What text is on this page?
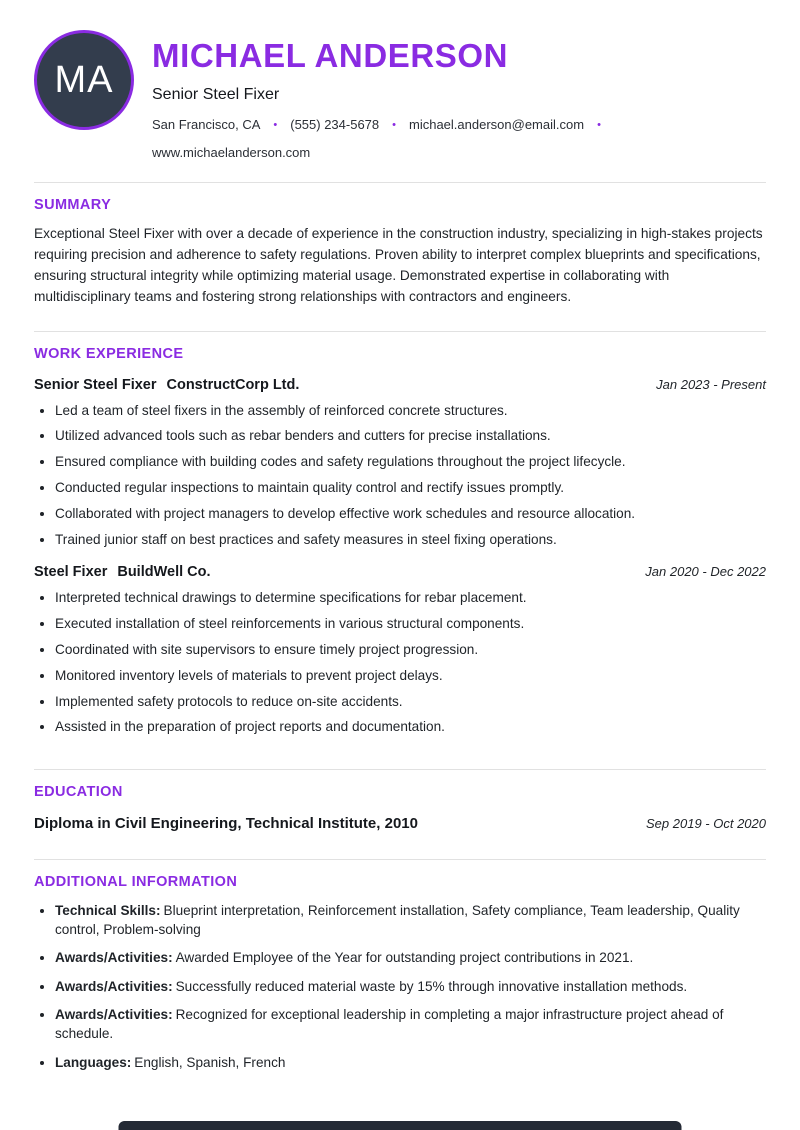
MA
MICHAEL ANDERSON
Senior Steel Fixer
San Francisco, CA • (555) 234-5678 • michael.anderson@email.com •
www.michaelanderson.com
SUMMARY

Exceptional Steel Fixer with over a decade of experience in the construction industry, specializing in high-stakes projects requiring precision and adherence to safety regulations. Proven ability to interpret complex blueprints and specifications, ensuring structural integrity while optimizing material usage. Demonstrated expertise in collaborating with multidisciplinary teams and fostering strong relationships with contractors and engineers.

WORK EXPERIENCE
Senior Steel Fixer ConstructCorp Ltd.	Jan 2023 - Present
• Led a team of steel fixers in the assembly of reinforced concrete structures.
• Utilized advanced tools such as rebar benders and cutters for precise installations.
• Ensured compliance with building codes and safety regulations throughout the project lifecycle.
• Conducted regular inspections to maintain quality control and rectify issues promptly.
• Collaborated with project managers to develop effective work schedules and resource allocation.
• Trained junior staff on best practices and safety measures in steel fixing operations.
Steel Fixer BuildWell Co.	Jan 2020 - Dec 2022
• Interpreted technical drawings to determine specifications for rebar placement.
• Executed installation of steel reinforcements in various structural components.
• Coordinated with site supervisors to ensure timely project progression.
• Monitored inventory levels of materials to prevent project delays.
• Implemented safety protocols to reduce on-site accidents.
• Assisted in the preparation of project reports and documentation.
EDUCATION
Diploma in Civil Engineering, Technical Institute, 2010	Sep 2019 - Oct 2020
ADDITIONAL INFORMATION
• Technical Skills: Blueprint interpretation, Reinforcement installation, Safety compliance, Team leadership, Quality control, Problem-solving
• Awards/Activities: Awarded Employee of the Year for outstanding project contributions in 2021.
• Awards/Activities: Successfully reduced material waste by 15% through innovative installation methods.
• Awards/Activities: Recognized for exceptional leadership in completing a major infrastructure project ahead of schedule.
• Languages: English, Spanish, French
